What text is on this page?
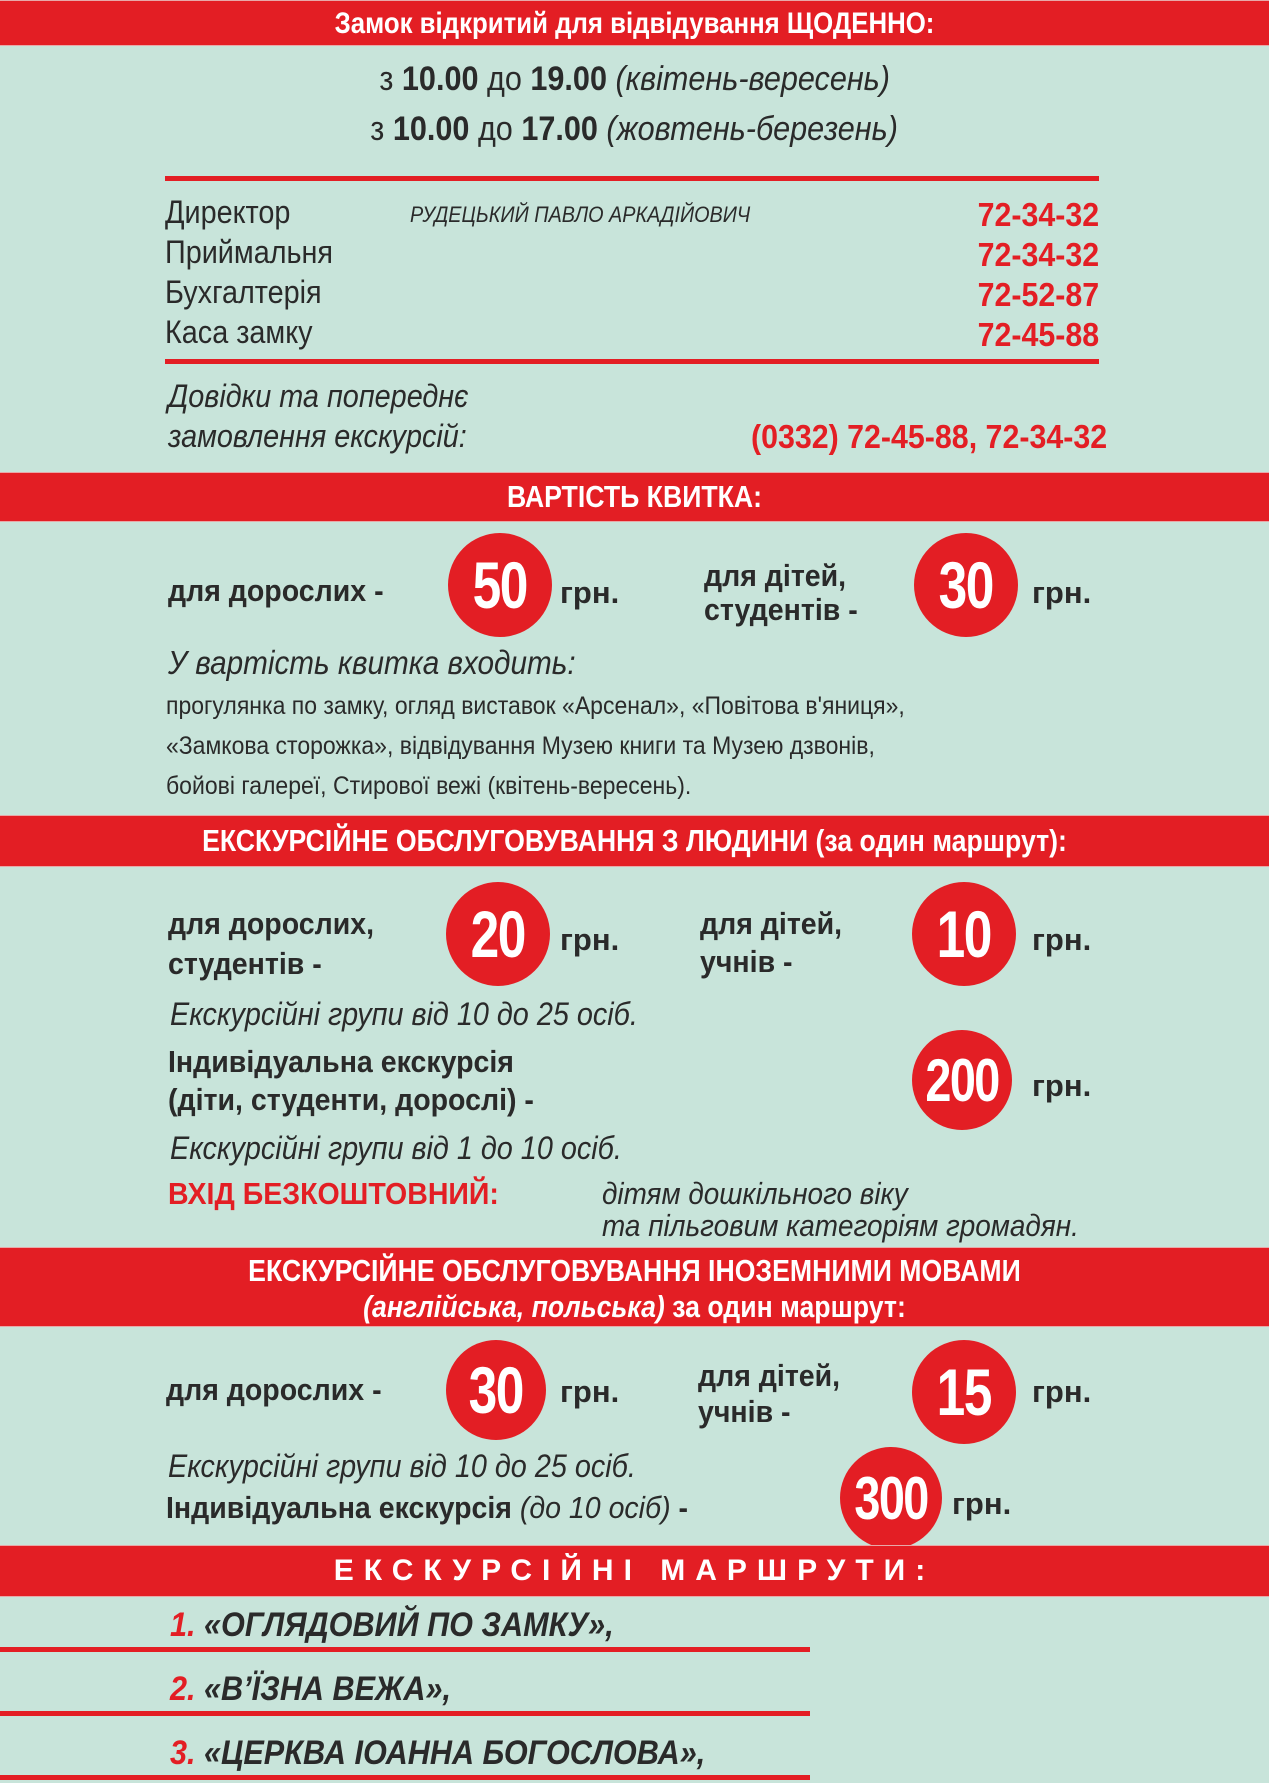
Замок відкритий для відвідування ЩОДЕННО:
з 10.00 до 19.00 (квітень-вересень)
з 10.00 до 17.00 (жовтень-березень)
Директор	РУДЕЦЬКИЙ ПАВЛО АРКАДІЙОВИЧ	72-34-32
Приймальня	72-34-32
Бухгалтерія	72-52-87
Каса замку	72-45-88
Довідки та попереднє
замовлення екскурсій:	(0332) 72-45-88, 72-34-32
ВАРТІСТЬ КВИТКА:
для дорослих - 50 грн.	для дітей,
студентів - 30 грн.
У вартість квитка входить:
прогулянка по замку, огляд виставок «Арсенал», «Повітова в'яниця»,
«Замкова сторожка», відвідування Музею книги та Музею дзвонів,
бойові галереї, Стирової вежі (квітень-вересень).
ЕКСКУРСІЙНЕ ОБСЛУГОВУВАННЯ З ЛЮДИНИ (за один маршрут):
для дорослих,
студентів - 20 грн.	для дітей,
учнів - 10 грн.
Екскурсійні групи від 10 до 25 осіб.
Індивідуальна екскурсія
(діти, студенти, дорослі) -	200 грн.
Екскурсійні групи від 1 до 10 осіб.
ВХІД БЕЗКОШТОВНИЙ:	дітям дошкільного віку
та пільговим категоріям громадян.
ЕКСКУРСІЙНЕ ОБСЛУГОВУВАННЯ ІНОЗЕМНИМИ МОВАМИ
(англійська, польська) за один маршрут:
для дорослих - 30 грн.	для дітей,
учнів - 15 грн.
Екскурсійні групи від 10 до 25 осіб.
Індивідуальна екскурсія (до 10 осіб) -	300 грн.
ЕКСКУРСІЙНІ МАРШРУТИ:
1. «ОГЛЯДОВИЙ ПО ЗАМКУ»,
2. «В’ЇЗНА ВЕЖА»,
3. «ЦЕРКВА ІОАННА БОГОСЛОВА»,
